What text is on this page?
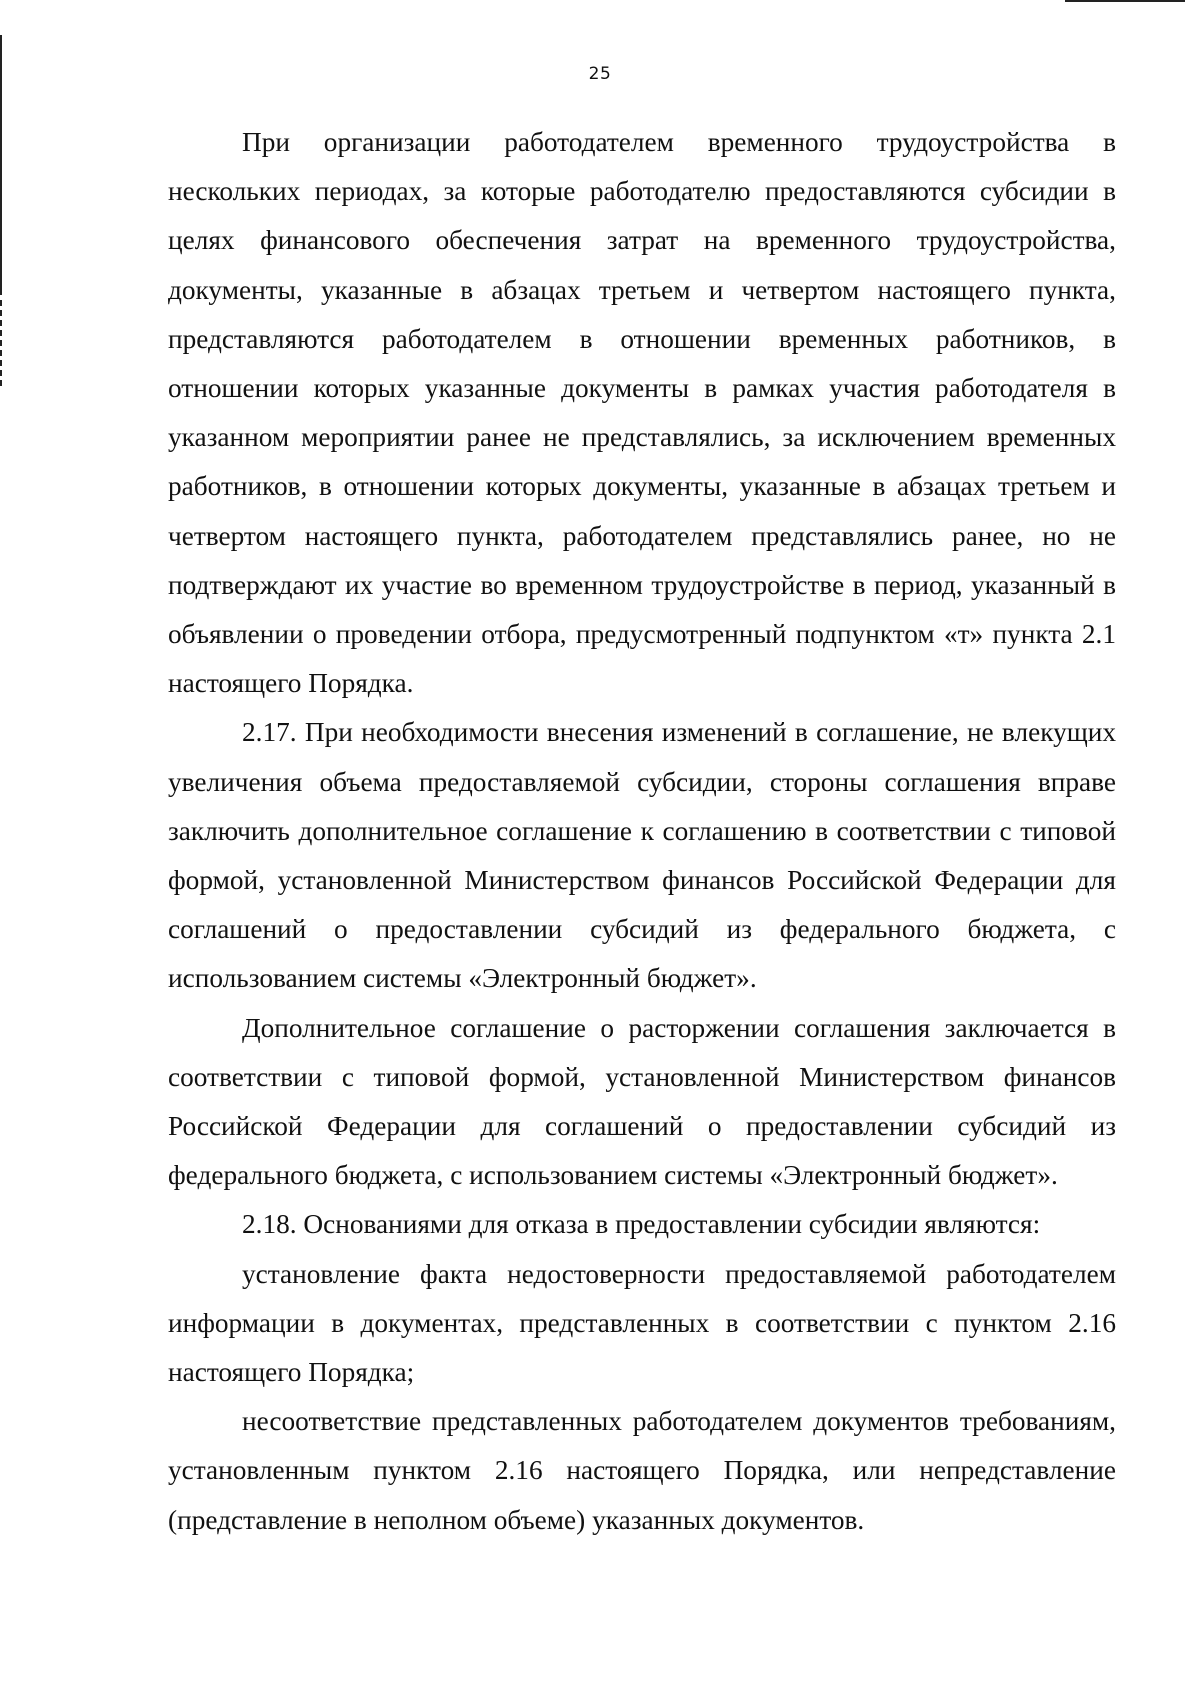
25

При организации работодателем временного трудоустройства в нескольких периодах, за которые работодателю предоставляются субсидии в целях финансового обеспечения затрат на временного трудоустройства, документы, указанные в абзацах третьем и четвертом настоящего пункта, представляются работодателем в отношении временных работников, в отношении которых указанные документы в рамках участия работодателя в указанном мероприятии ранее не представлялись, за исключением временных работников, в отношении которых документы, указанные в абзацах третьем и четвертом настоящего пункта, работодателем представлялись ранее, но не подтверждают их участие во временном трудоустройстве в период, указанный в объявлении о проведении отбора, предусмотренный подпунктом «т» пункта 2.1 настоящего Порядка.

2.17. При необходимости внесения изменений в соглашение, не влекущих увеличения объема предоставляемой субсидии, стороны соглашения вправе заключить дополнительное соглашение к соглашению в соответствии с типовой формой, установленной Министерством финансов Российской Федерации для соглашений о предоставлении субсидий из федерального бюджета, с использованием системы «Электронный бюджет».

Дополнительное соглашение о расторжении соглашения заключается в соответствии с типовой формой, установленной Министерством финансов Российской Федерации для соглашений о предоставлении субсидий из федерального бюджета, с использованием системы «Электронный бюджет».

2.18. Основаниями для отказа в предоставлении субсидии являются:

установление факта недостоверности предоставляемой работодателем информации в документах, представленных в соответствии с пунктом 2.16 настоящего Порядка;

несоответствие представленных работодателем документов требованиям, установленным пунктом 2.16 настоящего Порядка, или непредставление (представление в неполном объеме) указанных документов.
